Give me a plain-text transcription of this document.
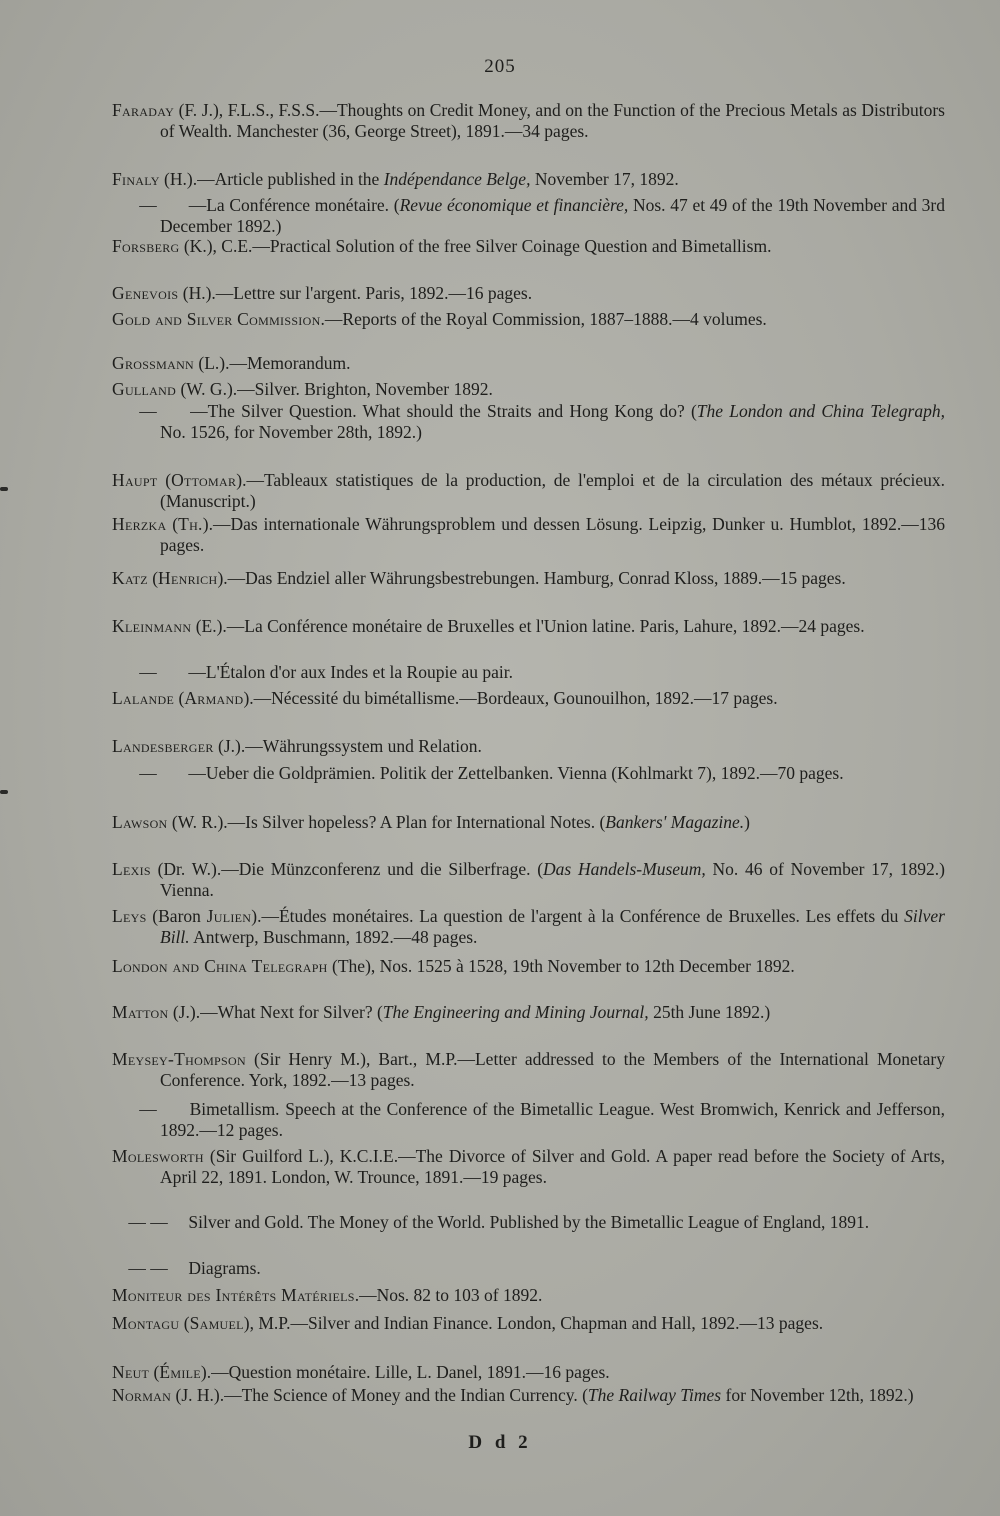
205
Faraday (F. J.), F.L.S., F.S.S.—Thoughts on Credit Money, and on the Function of the Precious Metals as Distributors of Wealth. Manchester (36, George Street), 1891.—34 pages.
Finaly (H.).—Article published in the Indépendance Belge, November 17, 1892.
— —La Conférence monétaire. (Revue économique et financière, Nos. 47 et 49 of the 19th November and 3rd December 1892.)
Forsberg (K.), C.E.—Practical Solution of the free Silver Coinage Question and Bimetallism.
Genevois (H.).—Lettre sur l'argent. Paris, 1892.—16 pages.
Gold and Silver Commission.—Reports of the Royal Commission, 1887–1888.—4 volumes.
Grossmann (L.).—Memorandum.
Gulland (W. G.).—Silver. Brighton, November 1892.
— —The Silver Question. What should the Straits and Hong Kong do? (The London and China Telegraph, No. 1526, for November 28th, 1892.)
Haupt (Ottomar).—Tableaux statistiques de la production, de l'emploi et de la circulation des métaux précieux. (Manuscript.)
Herzka (Th.).—Das internationale Währungsproblem und dessen Lösung. Leipzig, Dunker u. Humblot, 1892.—136 pages.
Katz (Henrich).—Das Endziel aller Währungsbestrebungen. Hamburg, Conrad Kloss, 1889.—15 pages.
Kleinmann (E.).—La Conférence monétaire de Bruxelles et l'Union latine. Paris, Lahure, 1892.—24 pages.
— —L'Étalon d'or aux Indes et la Roupie au pair.
Lalande (Armand).—Nécessité du bimétallisme.—Bordeaux, Gounouilhon, 1892.—17 pages.
Landesberger (J.).—Währungssystem und Relation.
— —Ueber die Goldprämien. Politik der Zettelbanken. Vienna (Kohlmarkt 7), 1892.—70 pages.
Lawson (W. R.).—Is Silver hopeless? A Plan for International Notes. (Bankers' Magazine.)
Lexis (Dr. W.).—Die Münzconferenz und die Silberfrage. (Das Handels-Museum, No. 46 of November 17, 1892.) Vienna.
Leys (Baron Julien).—Études monétaires. La question de l'argent à la Conférence de Bruxelles. Les effets du Silver Bill. Antwerp, Buschmann, 1892.—48 pages.
London and China Telegraph (The), Nos. 1525 à 1528, 19th November to 12th December 1892.
Matton (J.).—What Next for Silver? (The Engineering and Mining Journal, 25th June 1892.)
Meysey-Thompson (Sir Henry M.), Bart., M.P.—Letter addressed to the Members of the International Monetary Conference. York, 1892.—13 pages.
— Bimetallism. Speech at the Conference of the Bimetallic League. West Bromwich, Kenrick and Jefferson, 1892.—12 pages.
Molesworth (Sir Guilford L.), K.C.I.E.—The Divorce of Silver and Gold. A paper read before the Society of Arts, April 22, 1891. London, W. Trounce, 1891.—19 pages.
— — Silver and Gold. The Money of the World. Published by the Bimetallic League of England, 1891.
— — Diagrams.
Moniteur des Intérêts Matériels.—Nos. 82 to 103 of 1892.
Montagu (Samuel), M.P.—Silver and Indian Finance. London, Chapman and Hall, 1892.—13 pages.
Neut (Émile).—Question monétaire. Lille, L. Danel, 1891.—16 pages.
Norman (J. H.).—The Science of Money and the Indian Currency. (The Railway Times for November 12th, 1892.)
D d 2
